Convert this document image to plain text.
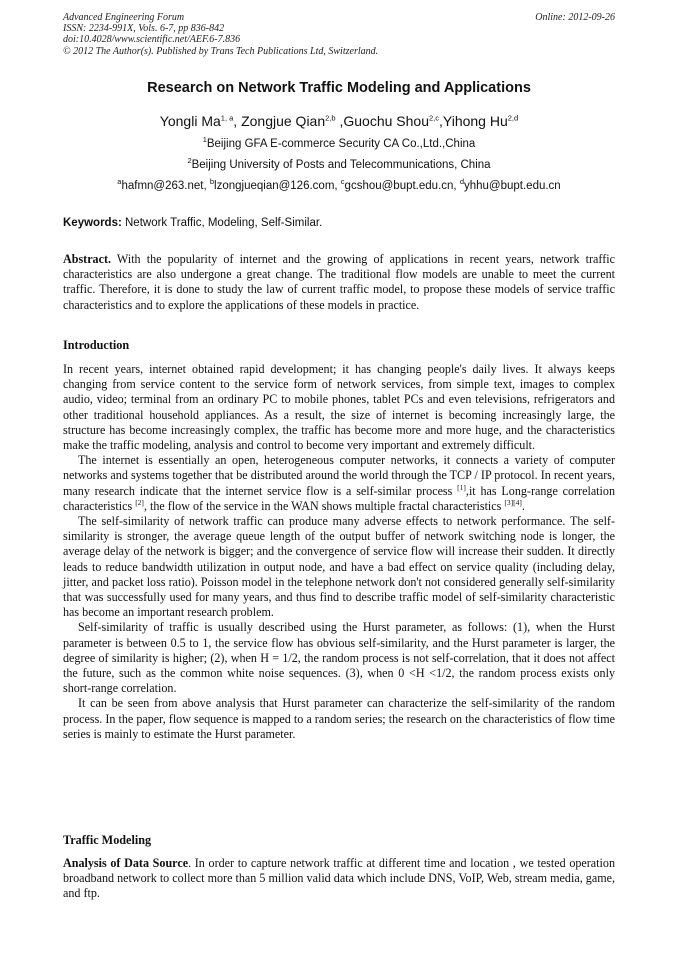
Advanced Engineering Forum
ISSN: 2234-991X, Vols. 6-7, pp 836-842
doi:10.4028/www.scientific.net/AEF.6-7.836
© 2012 The Author(s). Published by Trans Tech Publications Ltd, Switzerland.
Online: 2012-09-26
Research on Network Traffic Modeling and Applications
Yongli Ma$^{1, a}$, Zongjue Qian$^{2,b}$ ,Guochu Shou$^{2,c}$,Yihong Hu$^{2,d}$
$^1$Beijing GFA E-commerce Security CA Co.,Ltd.,China
$^2$Beijing University of Posts and Telecommunications, China
$^a$hafmn@263.net, $^b$lzongjueqian@126.com, $^c$gcshou@bupt.edu.cn, $^d$yhhu@bupt.edu.cn
Keywords: Network Traffic, Modeling, Self-Similar.

Abstract. With the popularity of internet and the growing of applications in recent years, network traffic characteristics are also undergone a great change. The traditional flow models are unable to meet the current traffic. Therefore, it is done to study the law of current traffic model, to propose these models of service traffic characteristics and to explore the applications of these models in practice.

Introduction

In recent years, internet obtained rapid development; it has changing people's daily lives. It always keeps changing from service content to the service form of network services, from simple text, images to complex audio, video; terminal from an ordinary PC to mobile phones, tablet PCs and even televisions, refrigerators and other traditional household appliances. As a result, the size of internet is becoming increasingly large, the structure has become increasingly complex, the traffic has become more and more huge, and the characteristics make the traffic modeling, analysis and control to become very important and extremely difficult.

The internet is essentially an open, heterogeneous computer networks, it connects a variety of computer networks and systems together that be distributed around the world through the TCP / IP protocol. In recent years, many research indicate that the internet service flow is a self-similar process [1],it has Long-range correlation characteristics [2], the flow of the service in the WAN shows multiple fractal characteristics [3][4].

The self-similarity of network traffic can produce many adverse effects to network performance. The self-similarity is stronger, the average queue length of the output buffer of network switching node is longer, the average delay of the network is bigger; and the convergence of service flow will increase their sudden. It directly leads to reduce bandwidth utilization in output node, and have a bad effect on service quality (including delay, jitter, and packet loss ratio). Poisson model in the telephone network don't not considered generally self-similarity that was successfully used for many years, and thus find to describe traffic model of self-similarity characteristic has become an important research problem.

Self-similarity of traffic is usually described using the Hurst parameter, as follows: (1), when the Hurst parameter is between 0.5 to 1, the service flow has obvious self-similarity, and the Hurst parameter is larger, the degree of similarity is higher; (2), when H = 1/2, the random process is not self-correlation, that it does not affect the future, such as the common white noise sequences. (3), when 0 <H <1/2, the random process exists only short-range correlation.

It can be seen from above analysis that Hurst parameter can characterize the self-similarity of the random process. In the paper, flow sequence is mapped to a random series; the research on the characteristics of flow time series is mainly to estimate the Hurst parameter.

Traffic Modeling

Analysis of Data Source. In order to capture network traffic at different time and location , we tested operation broadband network to collect more than 5 million valid data which include DNS, VoIP, Web, stream media, game, and ftp.
